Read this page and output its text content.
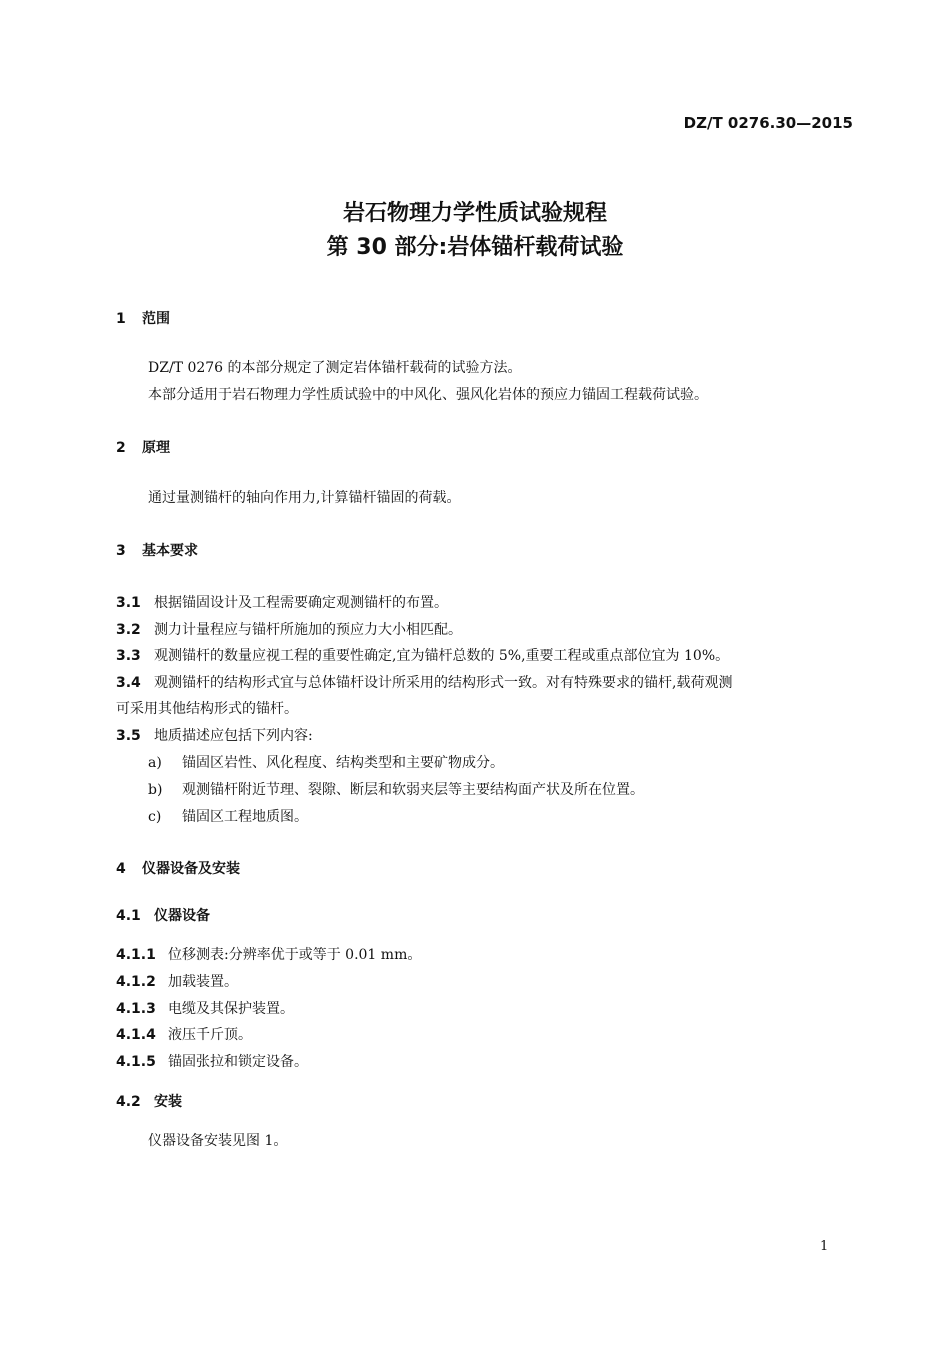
DZ/T 0276.30—2015
岩石物理力学性质试验规程
第 30 部分:岩体锚杆载荷试验
1 范围
DZ/T 0276 的本部分规定了测定岩体锚杆载荷的试验方法。
本部分适用于岩石物理力学性质试验中的中风化、强风化岩体的预应力锚固工程载荷试验。
2 原理
通过量测锚杆的轴向作用力,计算锚杆锚固的荷载。
3 基本要求
3.1 根据锚固设计及工程需要确定观测锚杆的布置。
3.2 测力计量程应与锚杆所施加的预应力大小相匹配。
3.3 观测锚杆的数量应视工程的重要性确定,宜为锚杆总数的 5%,重要工程或重点部位宜为 10%。
3.4 观测锚杆的结构形式宜与总体锚杆设计所采用的结构形式一致。对有特殊要求的锚杆,载荷观测
可采用其他结构形式的锚杆。
3.5 地质描述应包括下列内容:
a) 锚固区岩性、风化程度、结构类型和主要矿物成分。
b) 观测锚杆附近节理、裂隙、断层和软弱夹层等主要结构面产状及所在位置。
c) 锚固区工程地质图。
4 仪器设备及安装
4.1 仪器设备
4.1.1 位移测表:分辨率优于或等于 0.01 mm。
4.1.2 加载装置。
4.1.3 电缆及其保护装置。
4.1.4 液压千斤顶。
4.1.5 锚固张拉和锁定设备。
4.2 安装
仪器设备安装见图 1。
1
